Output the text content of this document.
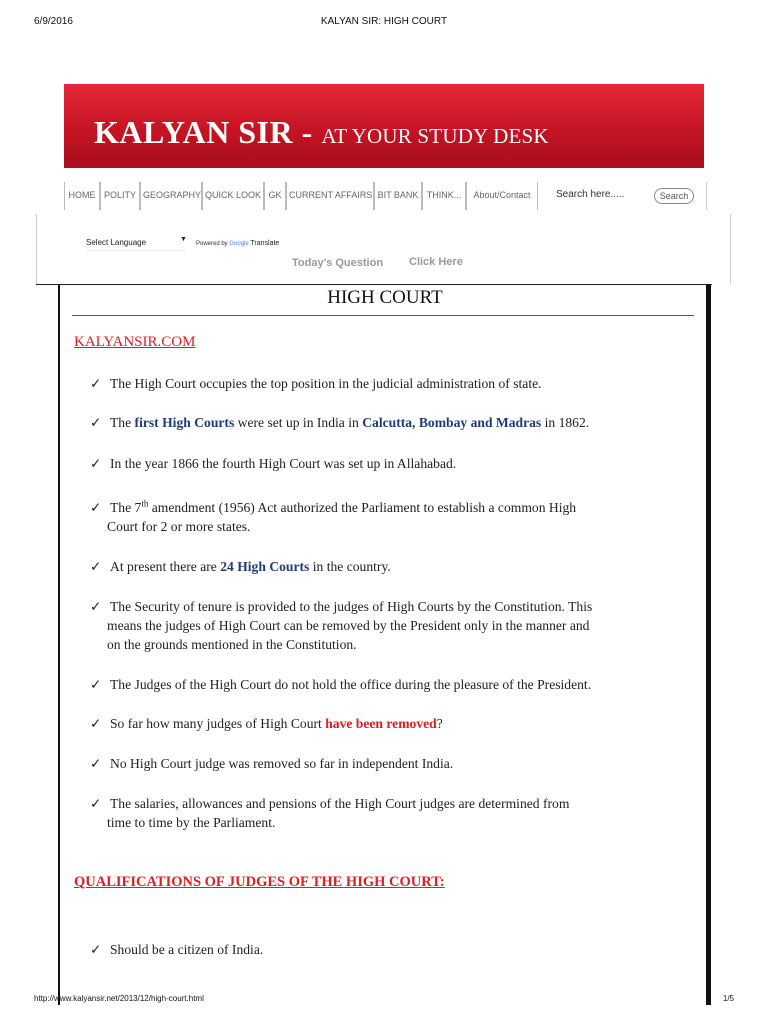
6/9/2016	KALYAN SIR: HIGH COURT
KALYAN SIR - AT YOUR STUDY DESK
HOME POLITY GEOGRAPHY QUICK LOOK GK CURRENT AFFAIRS BIT BANK THINK...	About/Contact	Search here.....	Search
Select Language	▼
Powered by Google Translate
Today's Question Click Here
HIGH COURT
KALYANSIR.COM
✓ The High Court occupies the top position in the judicial administration of state.
✓ The first High Courts were set up in India in Calcutta, Bombay and Madras in 1862.
✓ In the year 1866 the fourth High Court was set up in Allahabad.
✓ The 7th amendment (1956) Act authorized the Parliament to establish a common High
Court for 2 or more states.
✓ At present there are 24 High Courts in the country.
✓ The Security of tenure is provided to the judges of High Courts by the Constitution. This
means the judges of High Court can be removed by the President only in the manner and
on the grounds mentioned in the Constitution.
✓ The Judges of the High Court do not hold the office during the pleasure of the President.
✓ So far how many judges of High Court have been removed?
✓ No High Court judge was removed so far in independent India.
✓ The salaries, allowances and pensions of the High Court judges are determined from
time to time by the Parliament.
QUALIFICATIONS OF JUDGES OF THE HIGH COURT:
✓ Should be a citizen of India.
http://www.kalyansir.net/2013/12/high-court.html	1/5
